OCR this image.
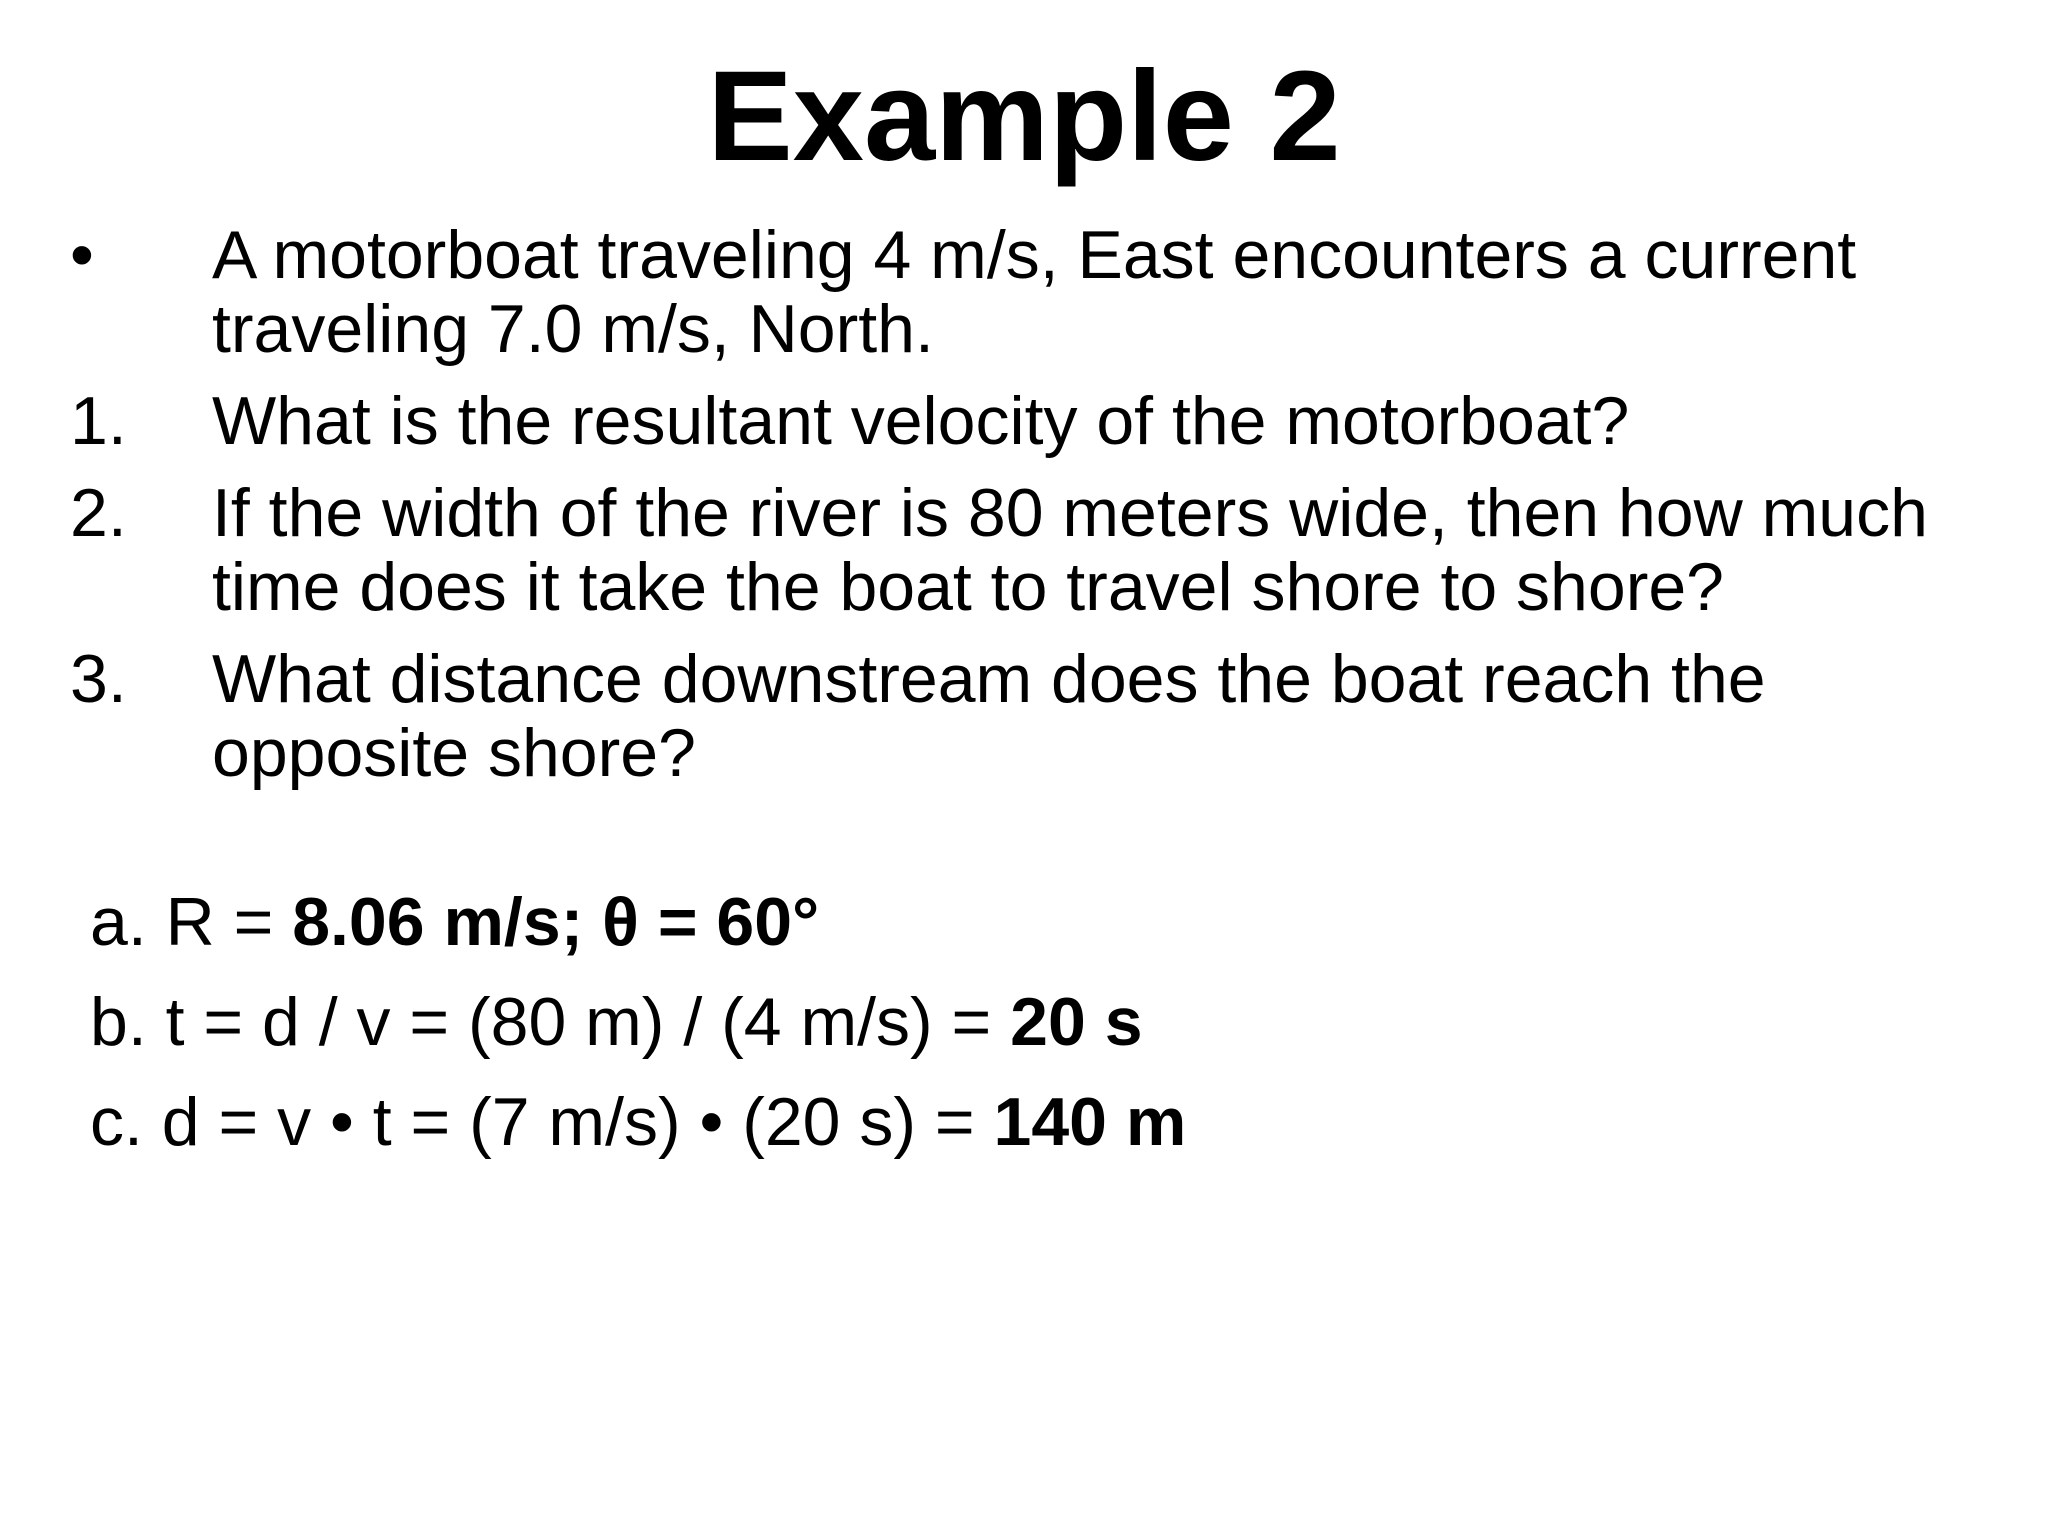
Example 2
• A motorboat traveling 4 m/s, East encounters a current
traveling 7.0 m/s, North.
1. What is the resultant velocity of the motorboat?
2. If the width of the river is 80 meters wide, then how much
time does it take the boat to travel shore to shore?
3. What distance downstream does the boat reach the
opposite shore?
a. R = 8.06 m/s; θ = 60°
b. t = d / v = (80 m) / (4 m/s) = 20 s
c. d = v • t = (7 m/s) • (20 s) = 140 m
